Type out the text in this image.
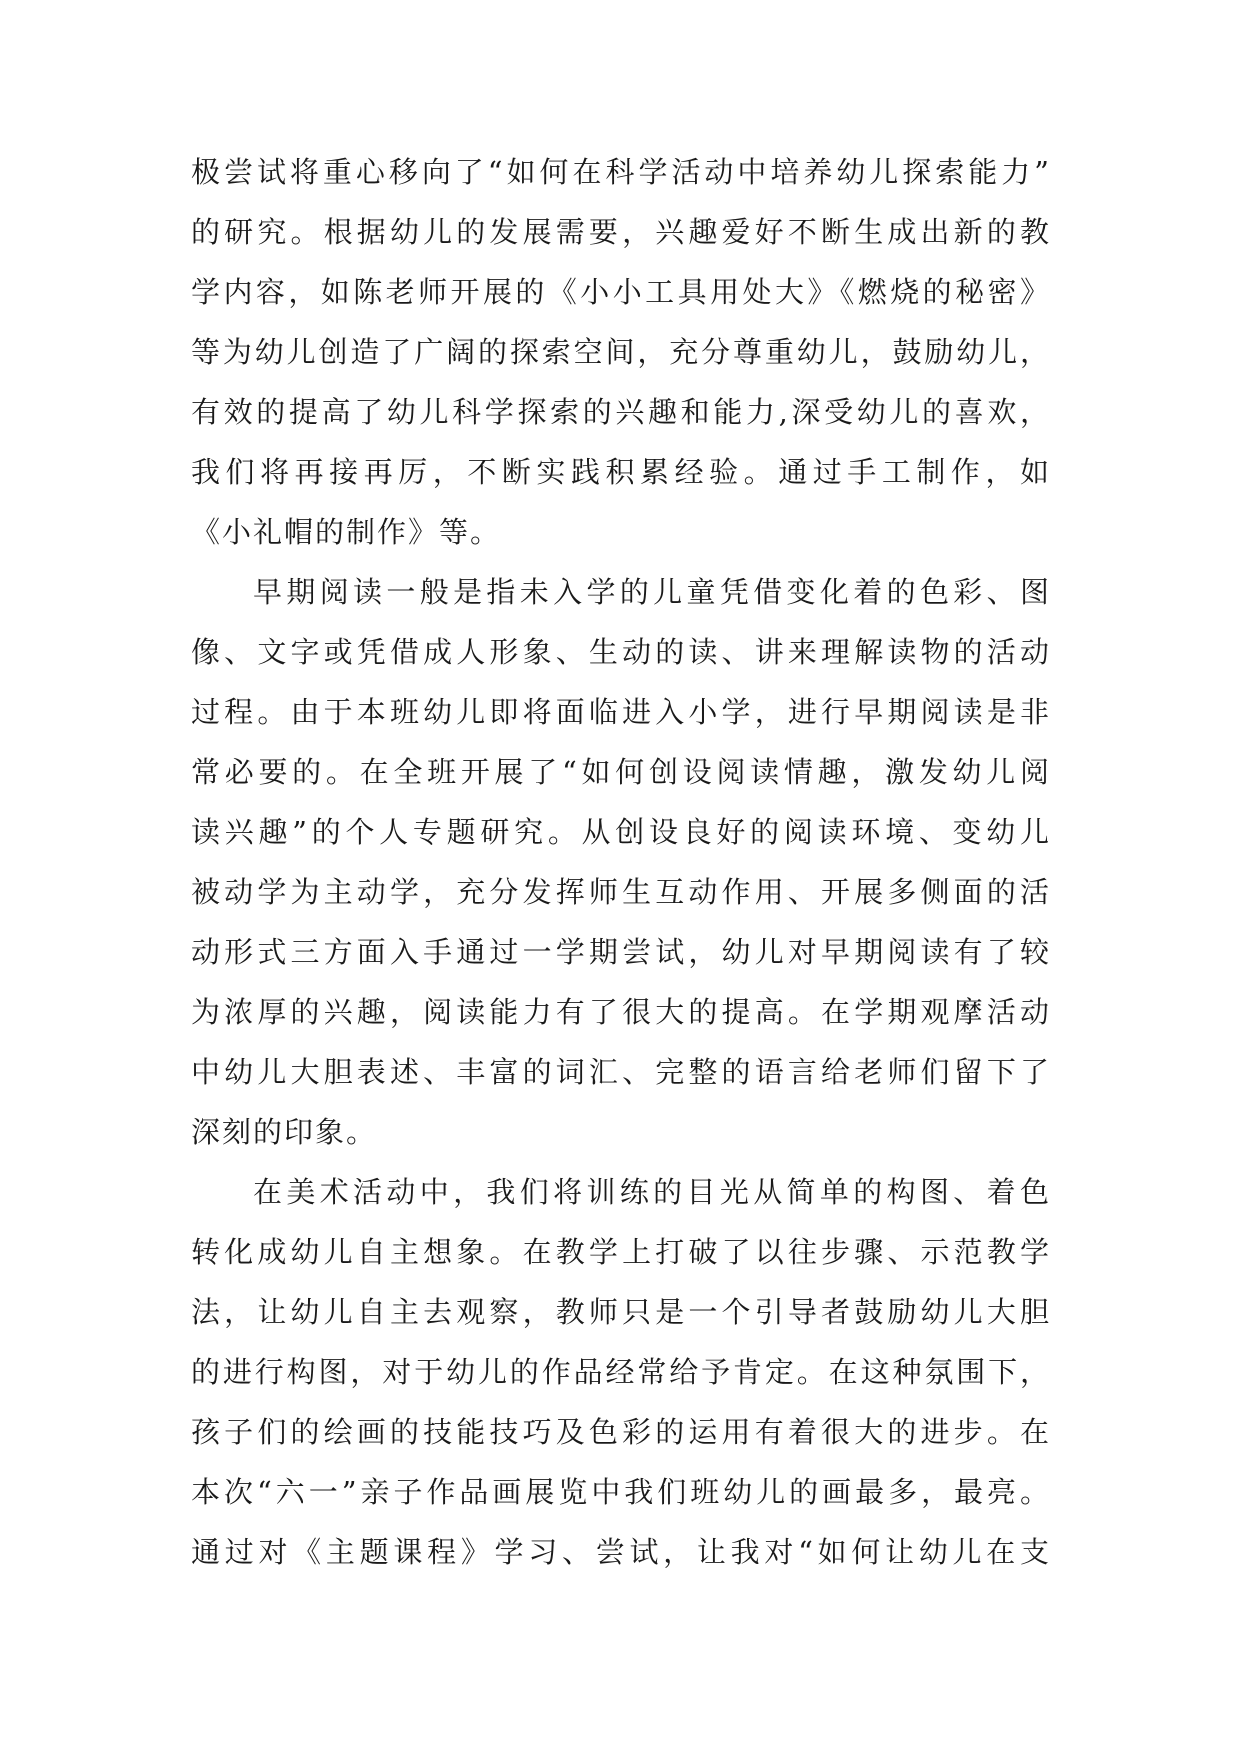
极尝试将重心移向了“如何在科学活动中培养幼儿探索能力”
的研究。根据幼儿的发展需要，兴趣爱好不断生成出新的教
学内容，如陈老师开展的《小小工具用处大》《燃烧的秘密》
等为幼儿创造了广阔的探索空间，充分尊重幼儿，鼓励幼儿，
有效的提高了幼儿科学探索的兴趣和能力,深受幼儿的喜欢，
我们将再接再厉，不断实践积累经验。通过手工制作，如
《小礼帽的制作》等。
早期阅读一般是指未入学的儿童凭借变化着的色彩、图
像、文字或凭借成人形象、生动的读、讲来理解读物的活动
过程。由于本班幼儿即将面临进入小学，进行早期阅读是非
常必要的。在全班开展了“如何创设阅读情趣，激发幼儿阅
读兴趣”的个人专题研究。从创设良好的阅读环境、变幼儿
被动学为主动学，充分发挥师生互动作用、开展多侧面的活
动形式三方面入手通过一学期尝试，幼儿对早期阅读有了较
为浓厚的兴趣，阅读能力有了很大的提高。在学期观摩活动
中幼儿大胆表述、丰富的词汇、完整的语言给老师们留下了
深刻的印象。
在美术活动中，我们将训练的目光从简单的构图、着色
转化成幼儿自主想象。在教学上打破了以往步骤、示范教学
法，让幼儿自主去观察，教师只是一个引导者鼓励幼儿大胆
的进行构图，对于幼儿的作品经常给予肯定。在这种氛围下，
孩子们的绘画的技能技巧及色彩的运用有着很大的进步。在
本次“六一”亲子作品画展览中我们班幼儿的画最多，最亮。
通过对《主题课程》学习、尝试，让我对“如何让幼儿在支
